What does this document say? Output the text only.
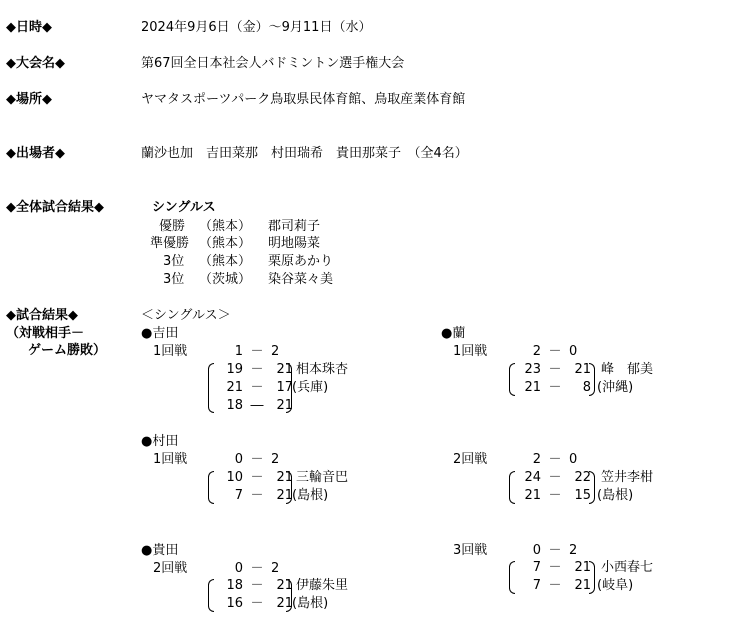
◆日時◆	2024年9月6日（金）～9月11日（水）
◆大会名◆	第67回全日本社会人バドミントン選手権大会
◆場所◆	ヤマタスポーツパーク鳥取県民体育館、鳥取産業体育館
◆出場者◆	蘭沙也加　吉田菜那　村田瑞希　貴田那菜子　（全4名）
◆全体試合結果◆	シングルス
優勝 （熊本） 郡司莉子
準優勝 （熊本） 明地陽菜
3位 （熊本） 栗原あかり
3位 （茨城） 染谷菜々美
◆試合結果◆
（対戦相手－
ゲーム勝敗）
＜シングルス＞
●吉田
1回戦	1 － 2
19 － 21
21 － 17
18 ― 21
相本珠杏
(兵庫)
●村田
1回戦	0 － 2
10 － 21
7 － 21
三輪音巴
(島根)
●貴田
2回戦	0 － 2
18 － 21
16 － 21
伊藤朱里
(島根)
●蘭
1回戦	2 － 0
23 － 21
21 － 8
峰　郁美
(沖縄)
2回戦	2 － 0
24 － 22
21 － 15
笠井李柑
(島根)
3回戦	0 － 2
7 － 21
7 － 21
小西春七
(岐阜)
